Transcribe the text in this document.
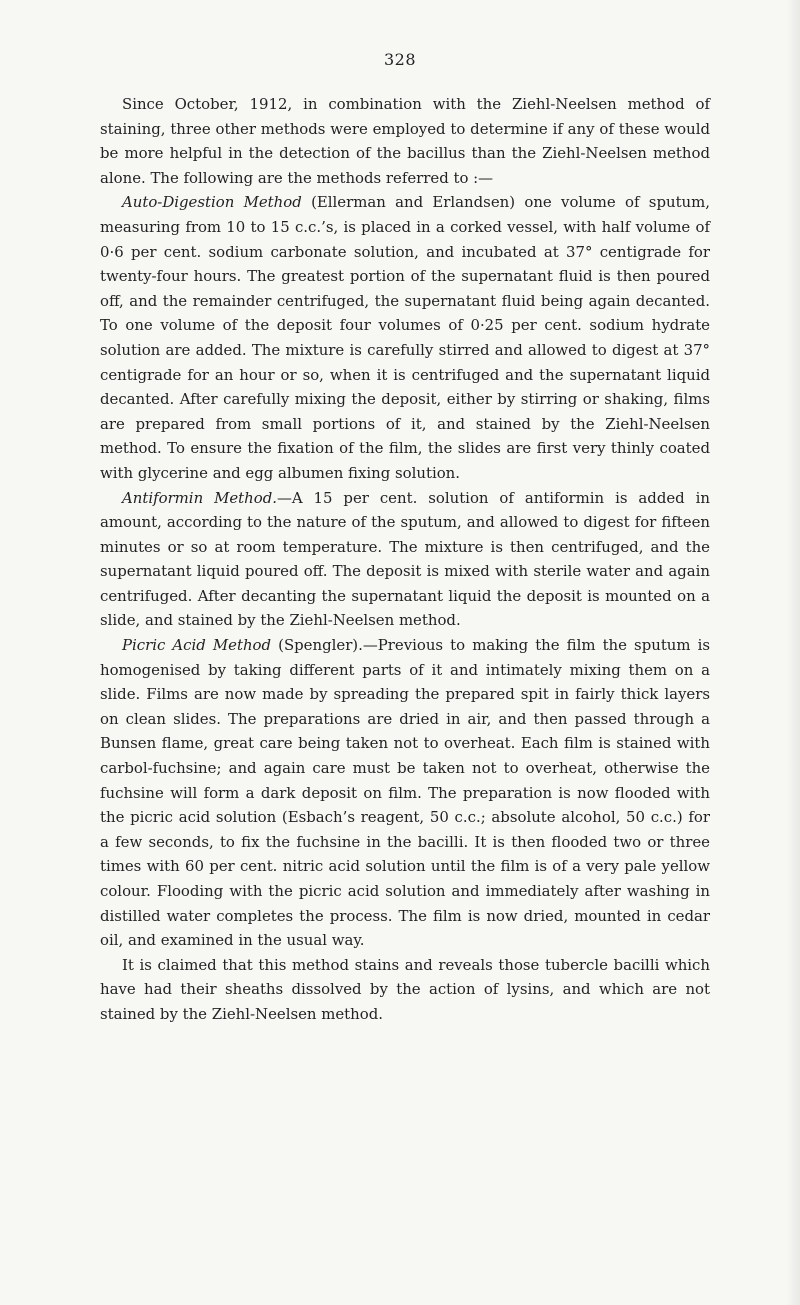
328

Since October, 1912, in combination with the Ziehl-Neelsen method of staining, three other methods were employed to determine if any of these would be more helpful in the detection of the bacillus than the Ziehl-Neelsen method alone. The following are the methods referred to :—

Auto-Digestion Method (Ellerman and Erlandsen) one volume of sputum, measuring from 10 to 15 c.c.’s, is placed in a corked vessel, with half volume of 0·6 per cent. sodium carbonate solution, and incubated at 37° centigrade for twenty-four hours. The greatest portion of the supernatant fluid is then poured off, and the remainder centrifuged, the supernatant fluid being again decanted. To one volume of the deposit four volumes of 0·25 per cent. sodium hydrate solution are added. The mixture is carefully stirred and allowed to digest at 37° centigrade for an hour or so, when it is centrifuged and the supernatant liquid decanted. After carefully mixing the deposit, either by stirring or shaking, films are prepared from small portions of it, and stained by the Ziehl-Neelsen method. To ensure the fixation of the film, the slides are first very thinly coated with glycerine and egg albumen fixing solution.

Antiformin Method.—A 15 per cent. solution of antiformin is added in amount, according to the nature of the sputum, and allowed to digest for fifteen minutes or so at room temperature. The mixture is then centrifuged, and the supernatant liquid poured off. The deposit is mixed with sterile water and again centrifuged. After decanting the supernatant liquid the deposit is mounted on a slide, and stained by the Ziehl-Neelsen method.

Picric Acid Method (Spengler).—Previous to making the film the sputum is homogenised by taking different parts of it and intimately mixing them on a slide. Films are now made by spreading the prepared spit in fairly thick layers on clean slides. The preparations are dried in air, and then passed through a Bunsen flame, great care being taken not to overheat. Each film is stained with carbol-fuchsine; and again care must be taken not to overheat, otherwise the fuchsine will form a dark deposit on film. The preparation is now flooded with the picric acid solution (Esbach’s reagent, 50 c.c.; absolute alcohol, 50 c.c.) for a few seconds, to fix the fuchsine in the bacilli. It is then flooded two or three times with 60 per cent. nitric acid solution until the film is of a very pale yellow colour. Flooding with the picric acid solution and immediately after washing in distilled water completes the process. The film is now dried, mounted in cedar oil, and examined in the usual way.

It is claimed that this method stains and reveals those tubercle bacilli which have had their sheaths dissolved by the action of lysins, and which are not stained by the Ziehl-Neelsen method.
